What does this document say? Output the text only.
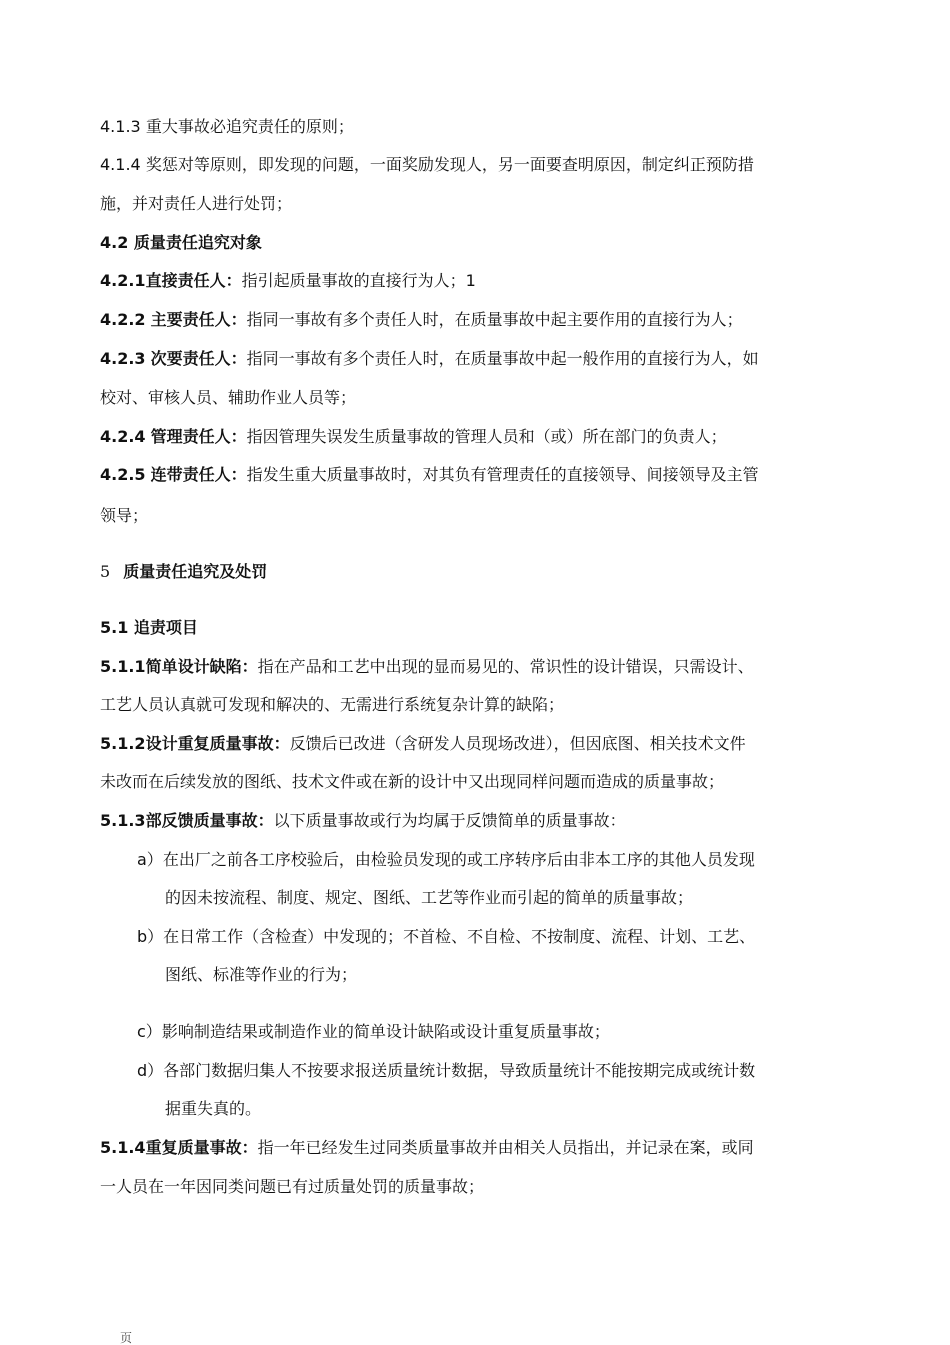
4.1.3 重大事故必追究责任的原则；
4.1.4 奖惩对等原则，即发现的问题，一面奖励发现人，另一面要查明原因，制定纠正预防措
施，并对责任人进行处罚；
4.2 质量责任追究对象
4.2.1直接责任人：指引起质量事故的直接行为人；1
4.2.2 主要责任人：指同一事故有多个责任人时，在质量事故中起主要作用的直接行为人；
4.2.3 次要责任人：指同一事故有多个责任人时，在质量事故中起一般作用的直接行为人，如
校对、审核人员、辅助作业人员等；
4.2.4 管理责任人：指因管理失误发生质量事故的管理人员和（或）所在部门的负责人；
4.2.5 连带责任人：指发生重大质量事故时，对其负有管理责任的直接领导、间接领导及主管
领导；
5 质量责任追究及处罚
5.1 追责项目
5.1.1简单设计缺陷：指在产品和工艺中出现的显而易见的、常识性的设计错误，只需设计、
工艺人员认真就可发现和解决的、无需进行系统复杂计算的缺陷；
5.1.2设计重复质量事故：反馈后已改进（含研发人员现场改进），但因底图、相关技术文件
未改而在后续发放的图纸、技术文件或在新的设计中又出现同样问题而造成的质量事故；
5.1.3部反馈质量事故：以下质量事故或行为均属于反馈简单的质量事故：
a）在出厂之前各工序校验后，由检验员发现的或工序转序后由非本工序的其他人员发现
的因未按流程、制度、规定、图纸、工艺等作业而引起的简单的质量事故；
b）在日常工作（含检查）中发现的；不首检、不自检、不按制度、流程、计划、工艺、
图纸、标准等作业的行为；
c）影响制造结果或制造作业的简单设计缺陷或设计重复质量事故；
d）各部门数据归集人不按要求报送质量统计数据，导致质量统计不能按期完成或统计数
据重失真的。
5.1.4重复质量事故：指一年已经发生过同类质量事故并由相关人员指出，并记录在案，或同
一人员在一年因同类问题已有过质量处罚的质量事故；
页
